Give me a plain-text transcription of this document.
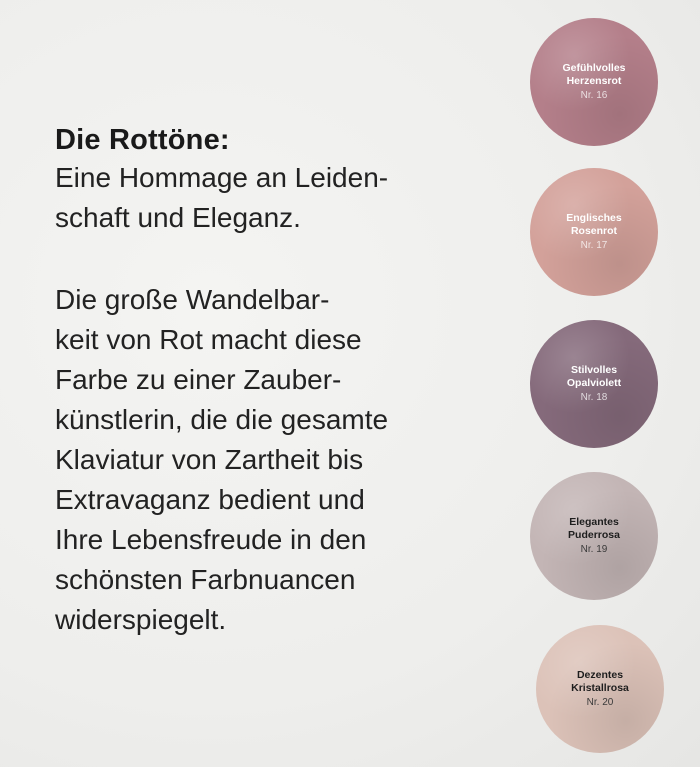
Die Rottöne:
Eine Hommage an Leiden-
schaft und Eleganz.
Die große Wandelbar-
keit von Rot macht diese
Farbe zu einer Zauber-
künstlerin, die die gesamte
Klaviatur von Zartheit bis
Extravaganz bedient und
Ihre Lebensfreude in den
schönsten Farbnuancen
widerspiegelt.
Gefühlvolles
Herzensrot
Nr. 16
Englisches
Rosenrot
Nr. 17
Stilvolles
Opalviolett
Nr. 18
Elegantes
Puderrosa
Nr. 19
Dezentes
Kristallrosa
Nr. 20
